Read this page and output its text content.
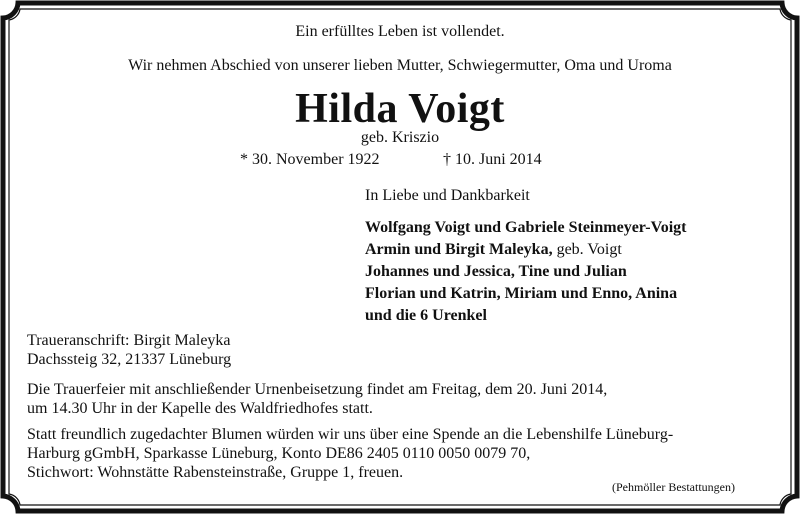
Ein erfülltes Leben ist vollendet.
Wir nehmen Abschied von unserer lieben Mutter, Schwiegermutter, Oma und Uroma
Hilda Voigt
geb. Kriszio
* 30. November 1922	† 10. Juni 2014
In Liebe und Dankbarkeit
Wolfgang Voigt und Gabriele Steinmeyer-Voigt
Armin und Birgit Maleyka, geb. Voigt
Johannes und Jessica, Tine und Julian
Florian und Katrin, Miriam und Enno, Anina
und die 6 Urenkel
Traueranschrift: Birgit Maleyka
Dachssteig 32, 21337 Lüneburg
Die Trauerfeier mit anschließender Urnenbeisetzung findet am Freitag, dem 20. Juni 2014,
um 14.30 Uhr in der Kapelle des Waldfriedhofes statt.
Statt freundlich zugedachter Blumen würden wir uns über eine Spende an die Lebenshilfe Lüneburg-
Harburg gGmbH, Sparkasse Lüneburg, Konto DE86 2405 0110 0050 0079 70,
Stichwort: Wohnstätte Rabensteinstraße, Gruppe 1, freuen.
(Pehmöller Bestattungen)
